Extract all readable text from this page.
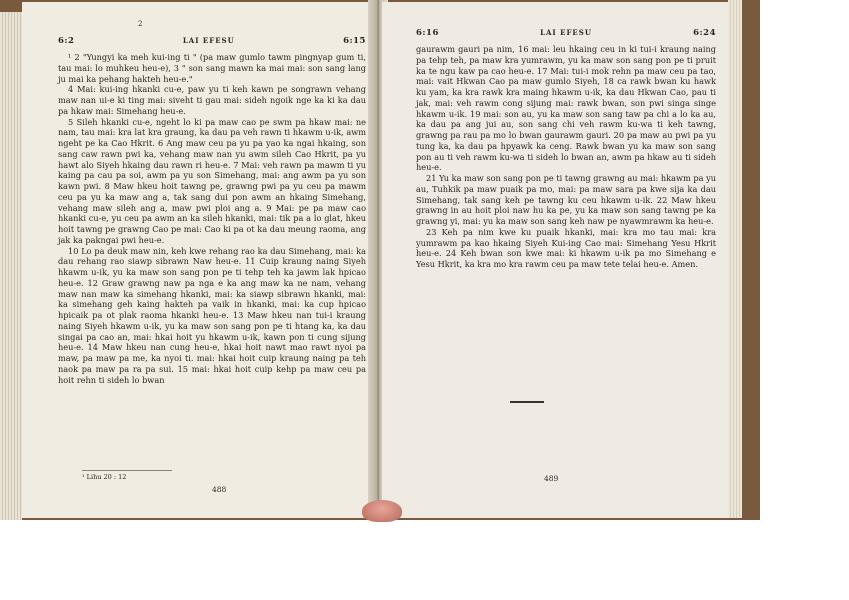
2
6:2	LAI EFESU	6:15

¹ 2 "Yungyi ka meh kui-ing ti " (pa maw gumlo tawm pingnyap gum ti, tau mai: lo muhkeu heu-e), 3 " son sang mawn ka mai mai: son sang lang ju mai ka pehang hakteh heu-e."

4 Mai: kui-ing hkanki cu-e, paw yu ti keh kawn pe songrawn vehang maw nan ui-e ki ting mai: siveht ti gau mai: sideh ngoik nge ka ki ka dau pa hkaw mai: Simehang heu-e.

5 Sileh hkanki cu-e, ngeht lo ki pa maw cao pe swm pa hkaw mai: ne nam, tau mai: kra lat kra graung, ka dau pa veh rawn ti hkawm u-ik, awm ngeht pe ka Cao Hkrit. 6 Ang maw ceu pa yu pa yao ka ngai hkaing, son sang caw rawn pwi ka, vehang maw nan yu awm sileh Cao Hkrit, pa yu hawt alo Siyeh hkaing dau rawn ri heu-e. 7 Mai: veh rawn pa mawm ti yu kaing pa cau pa soi, awm pa yu son Simehang, mai: ang awm pa yu son kawn pwi. 8 Maw hkeu hoit tawng pe, grawng pwi pa yu ceu pa mawm ceu pa yu ka maw ang a, tak sang dui pon awm an hkaing Simehang, vehang maw sileh ang a, maw pwi ploi ang a. 9 Mai: pe pa maw cao hkanki cu-e, yu ceu pa awm an ka sileh hkanki, mai: tik pa a lo glat, hkeu hoit tawng pe grawng Cao pe mai: Cao ki pa ot ka dau meung raoma, ang jak ka pakngai pwi heu-e.

10 Lo pa deuk maw nin, keh kwe rehang rao ka dau Simehang, mai: ka dau rehang rao siawp sibrawn Naw heu-e. 11 Cuip kraung naing Siyeh hkawm u-ik, yu ka maw son sang pon pe ti tehp teh ka jawm lak hpicao heu-e. 12 Graw grawng naw pa nga e ka ang maw ka ne nam, vehang maw nan maw ka simehang hkanki, mai: ka siawp sibrawn hkanki, mai: ka simehang geh kaing hakteh pa vaik in hkanki, mai: ka cup hpicao hpicaik pa ot plak raoma hkanki heu-e. 13 Maw hkeu nan tui-i kraung naing Siyeh hkawm u-ik, yu ka maw son sang pon pe ti htang ka, ka dau singai pa cao an, mai: hkai hoit yu hkawm u-ik, kawn pon ti cung sijung heu-e. 14 Maw hkeu nan cung heu-e, hkai hoit nawt mao rawt nyoi pa maw, pa maw pa me, ka nyoi ti. mai: hkai hoit cuip kraung naing pa teh naok pa maw pa ra pa sui. 15 mai: hkai hoit cuip kehp pa maw ceu pa hoit rehn ti sideh lo bwan

¹ Lihu 20 : 12
488
6:16	LAI EFESU	6:24

gaurawm gauri pa nim, 16 mai: leu hkaing ceu in ki tui-i kraung naing pa tehp teh, pa maw kra yumrawm, yu ka maw son sang pon pe ti pruit ka te ngu kaw pa cao heu-e. 17 Mai: tui-i mok rehn pa maw ceu pa tao, mai: vait Hkwan Cao pa maw gumlo Siyeh, 18 ca rawk bwan ku hawk ku yam, ka kra rawk kra maing hkawm u-ik, ka dau Hkwan Cao, pau ti jak, mai: veh rawm cong sijung mai: rawk bwan, son pwi singa singe hkawm u-ik. 19 mai: son au, yu ka maw son sang taw pa chi a lo ka au, ka dau pa ang jui au, son sang chi veh rawm ku-wa ti keh tawng, grawng pa rau pa mo lo bwan gaurawm gauri. 20 pa maw au pwi pa yu tung ka, ka dau pa hpyawk ka ceng. Rawk bwan yu ka maw son sang pon au ti veh rawm ku-wa ti sideh lo bwan an, awm pa hkaw au ti sideh heu-e.

21 Yu ka maw son sang pon pe ti tawng grawng au mai: hkawm pa yu au, Tuhkik pa maw puaik pa mo, mai: pa maw sara pa kwe sija ka dau Simehang, tak sang keh pe tawng ku ceu hkawm u-ik. 22 Maw hkeu grawng in au hoit ploi naw hu ka pe, yu ka maw son sang tawng pe ka grawng yi, mai: yu ka maw son sang keh naw pe nyawmrawm ka heu-e.

23 Keh pa nim kwe ku puaik hkanki, mai: kra mo tau mai: kra yumrawm pa kao hkaing Siyeh Kui-ing Cao mai: Simehang Yesu Hkrit heu-e. 24 Keh bwan son kwe mai: ki hkawm u-ik pa mo Simehang e Yesu Hkrit, ka kra mo kra rawm ceu pa maw tete telai heu-e. Amen.

489
